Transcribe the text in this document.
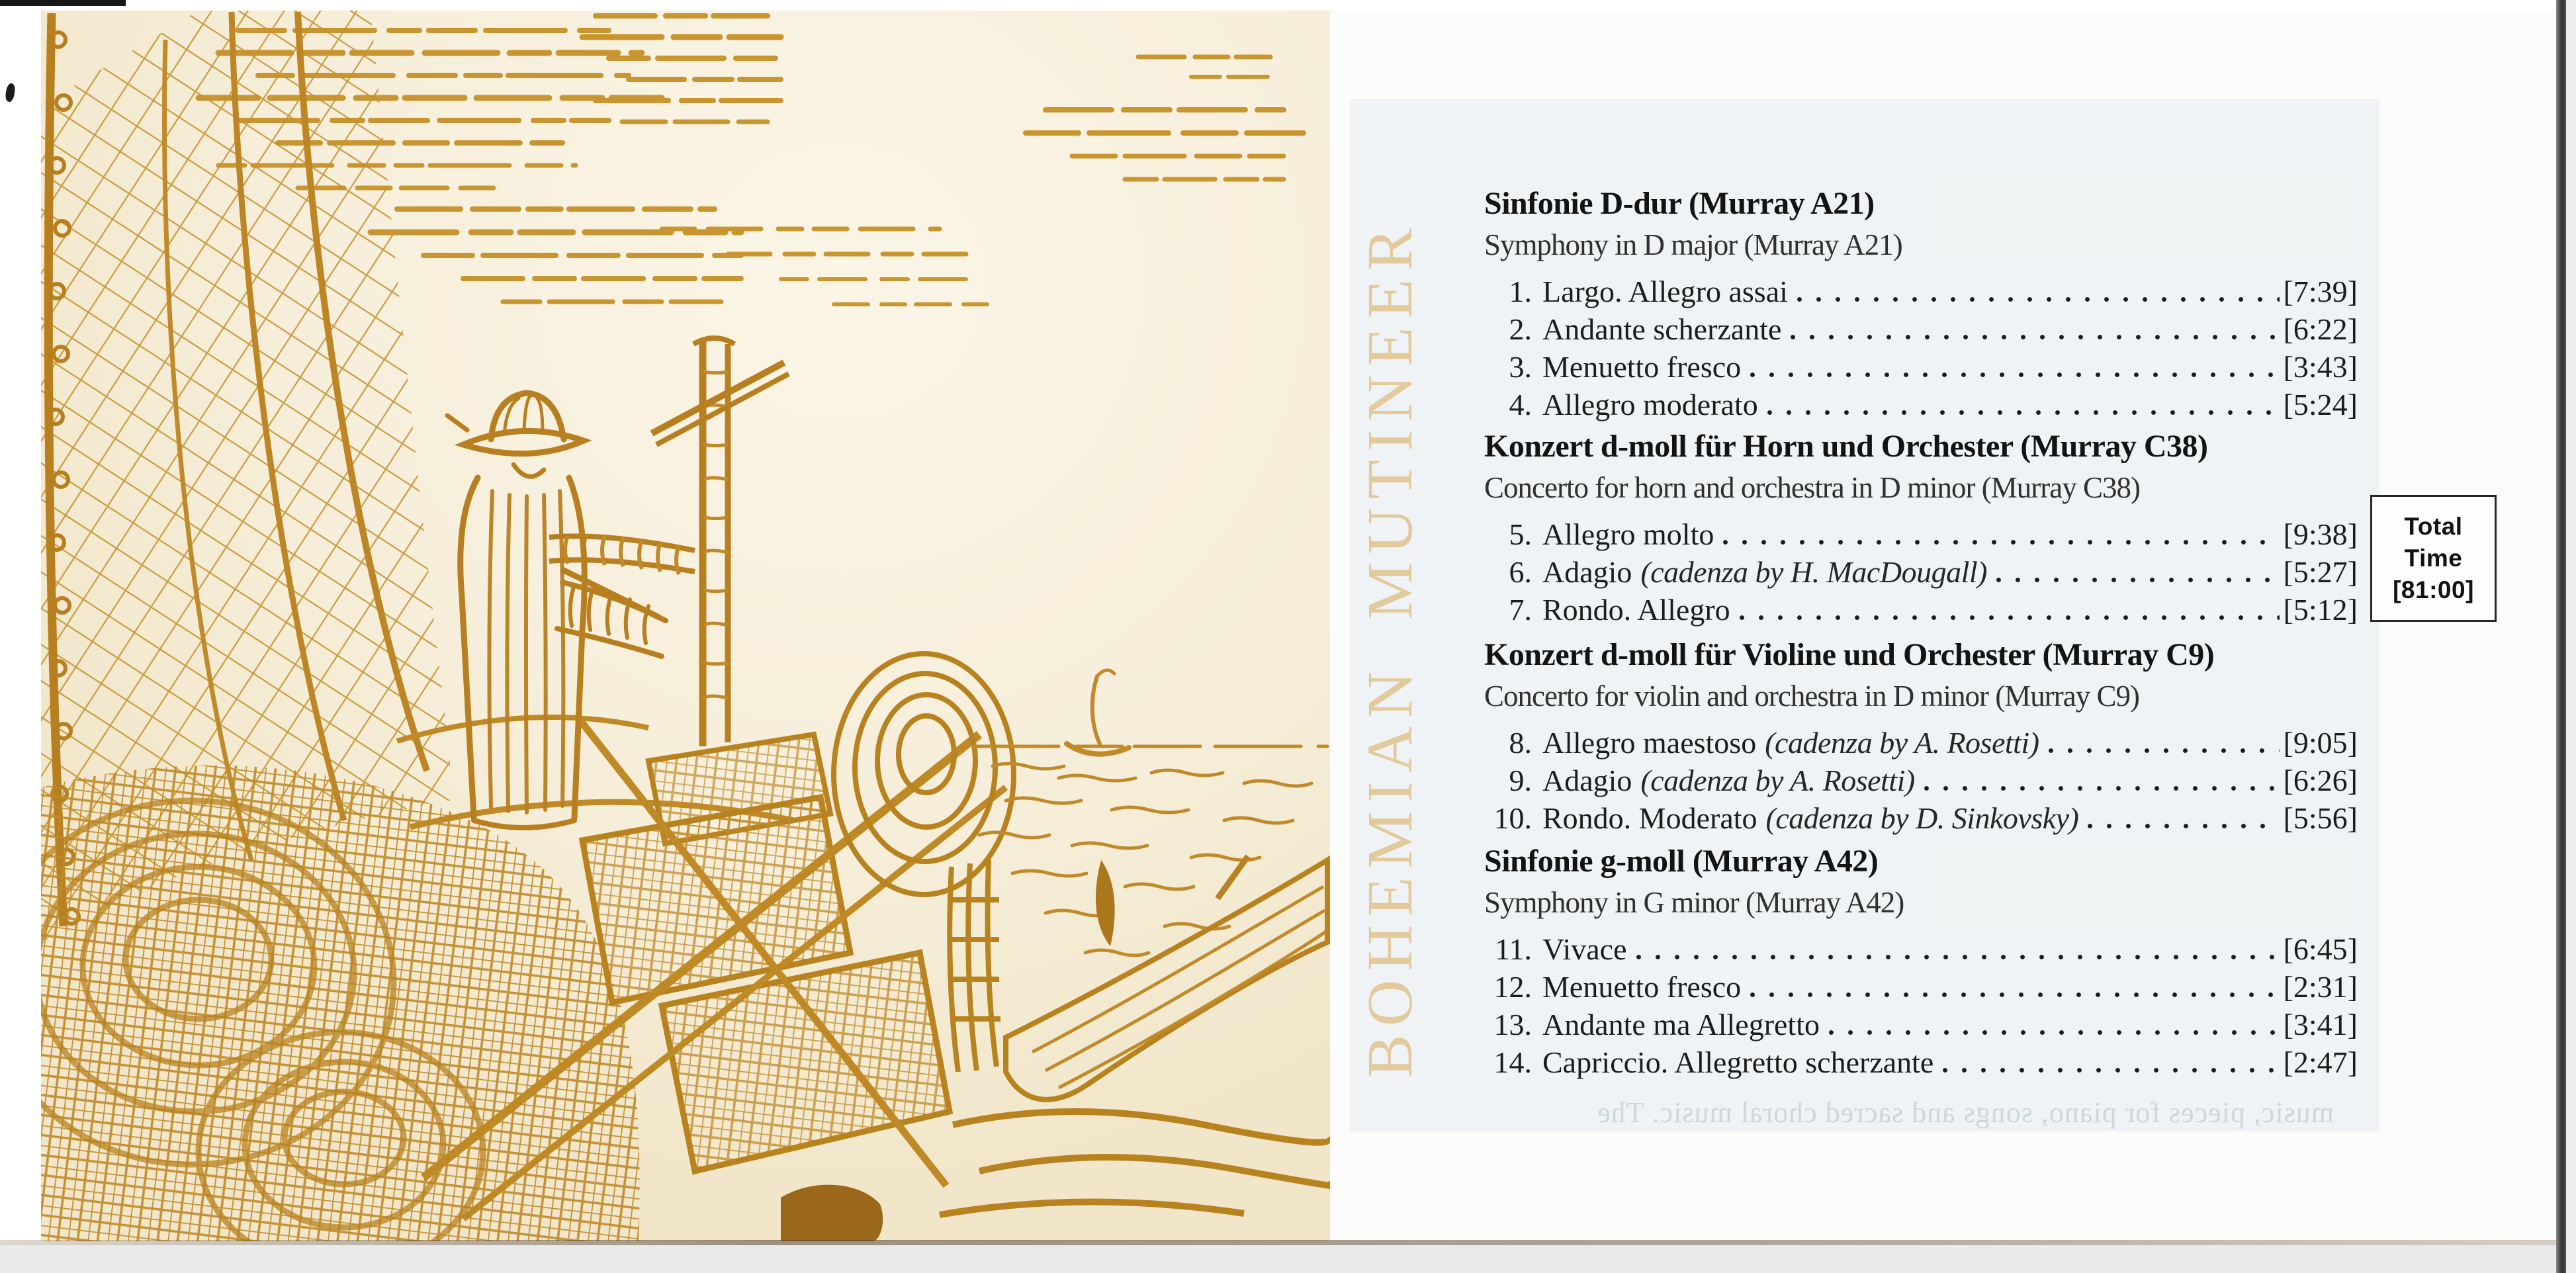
music, pieces for piano, songs and sacred choral music. The
BOHEMIAN MUTINEER
Sinfonie D-dur (Murray A21)
Symphony in D major (Murray A21)
1. Largo. Allegro assai	[7:39]
2. Andante scherzante	[6:22]
3. Menuetto fresco	[3:43]
4. Allegro moderato	[5:24]
Konzert d-moll für Horn und Orchester (Murray C38)
Concerto for horn and orchestra in D minor (Murray C38)
5. Allegro molto	[9:38]
6. Adagio (cadenza by H. MacDougall)	[5:27]
7. Rondo. Allegro	[5:12]
Konzert d-moll für Violine und Orchester (Murray C9)
Concerto for violin and orchestra in D minor (Murray C9)
8. Allegro maestoso (cadenza by A. Rosetti)	[9:05]
9. Adagio (cadenza by A. Rosetti)	[6:26]
10. Rondo. Moderato (cadenza by D. Sinkovsky)	[5:56]
Sinfonie g-moll (Murray A42)
Symphony in G minor (Murray A42)
11. Vivace	[6:45]
12. Menuetto fresco	[2:31]
13. Andante ma Allegretto	[3:41]
14. Capriccio. Allegretto scherzante	[2:47]
Total
Time
[81:00]
